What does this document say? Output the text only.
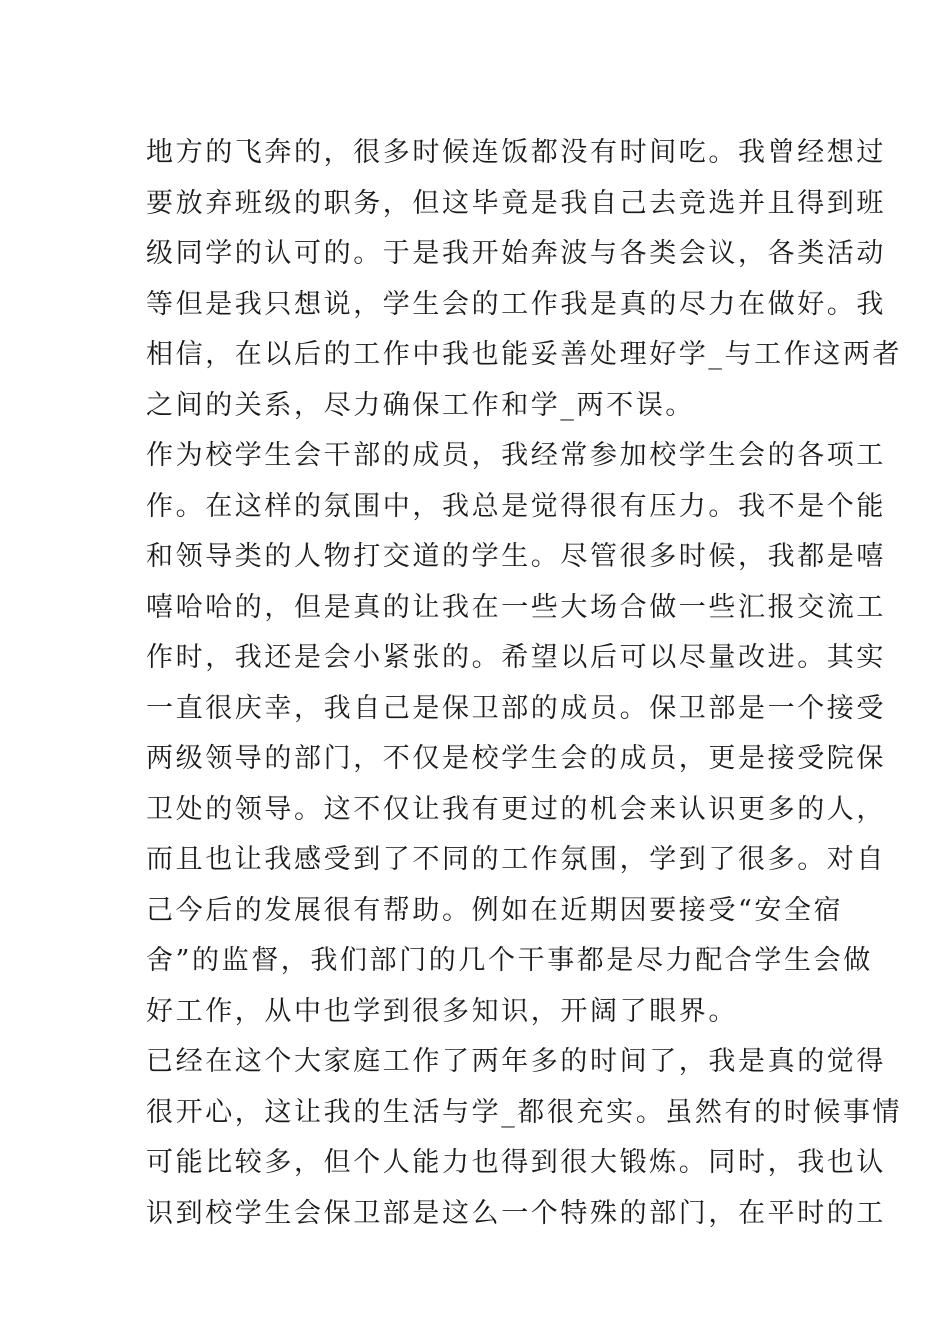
地方的飞奔的，很多时候连饭都没有时间吃。我曾经想过
要放弃班级的职务，但这毕竟是我自己去竞选并且得到班
级同学的认可的。于是我开始奔波与各类会议，各类活动
等但是我只想说，学生会的工作我是真的尽力在做好。我
相信，在以后的工作中我也能妥善处理好学_与工作这两者
之间的关系，尽力确保工作和学_两不误。
作为校学生会干部的成员，我经常参加校学生会的各项工
作。在这样的氛围中，我总是觉得很有压力。我不是个能
和领导类的人物打交道的学生。尽管很多时候，我都是嘻
嘻哈哈的，但是真的让我在一些大场合做一些汇报交流工
作时，我还是会小紧张的。希望以后可以尽量改进。其实
一直很庆幸，我自己是保卫部的成员。保卫部是一个接受
两级领导的部门，不仅是校学生会的成员，更是接受院保
卫处的领导。这不仅让我有更过的机会来认识更多的人，
而且也让我感受到了不同的工作氛围，学到了很多。对自
己今后的发展很有帮助。例如在近期因要接受“安全宿
舍”的监督，我们部门的几个干事都是尽力配合学生会做
好工作，从中也学到很多知识，开阔了眼界。
已经在这个大家庭工作了两年多的时间了，我是真的觉得
很开心，这让我的生活与学_都很充实。虽然有的时候事情
可能比较多，但个人能力也得到很大锻炼。同时，我也认
识到校学生会保卫部是这么一个特殊的部门，在平时的工
